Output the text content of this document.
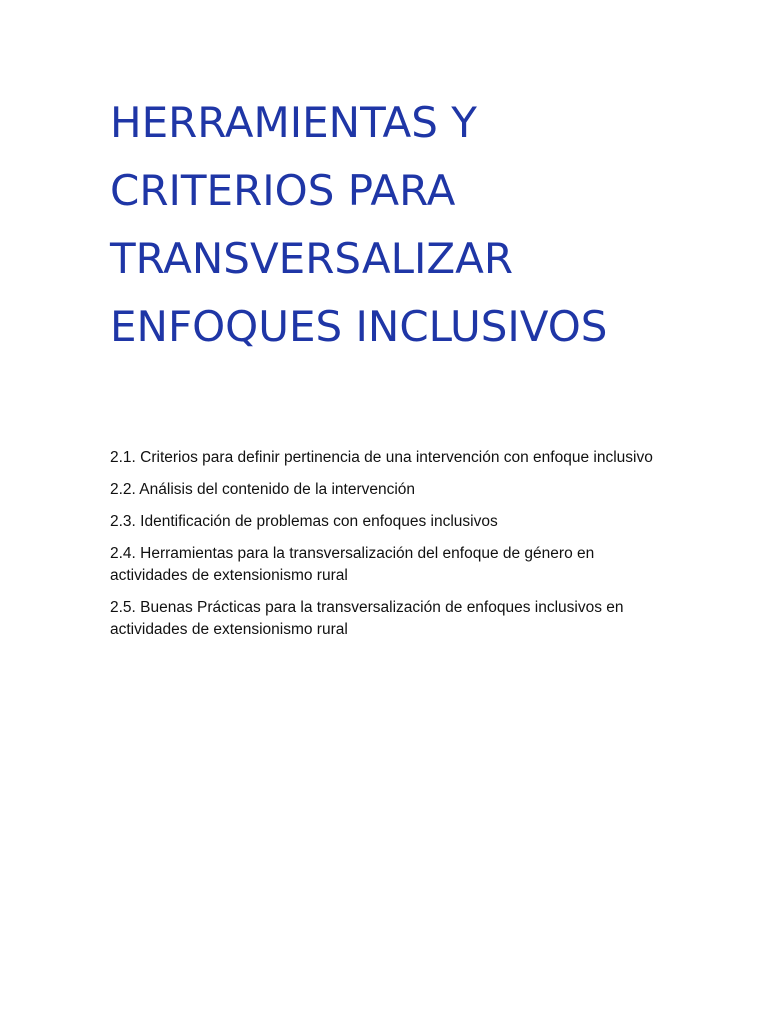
HERRAMIENTAS Y
CRITERIOS PARA
TRANSVERSALIZAR
ENFOQUES INCLUSIVOS
2.1. Criterios para definir pertinencia de una intervención con enfoque inclusivo
2.2. Análisis del contenido de la intervención
2.3. Identificación de problemas con enfoques inclusivos
2.4. Herramientas para la transversalización del enfoque de género en actividades de extensionismo rural
2.5. Buenas Prácticas para la transversalización de enfoques inclusivos en actividades de extensionismo rural
